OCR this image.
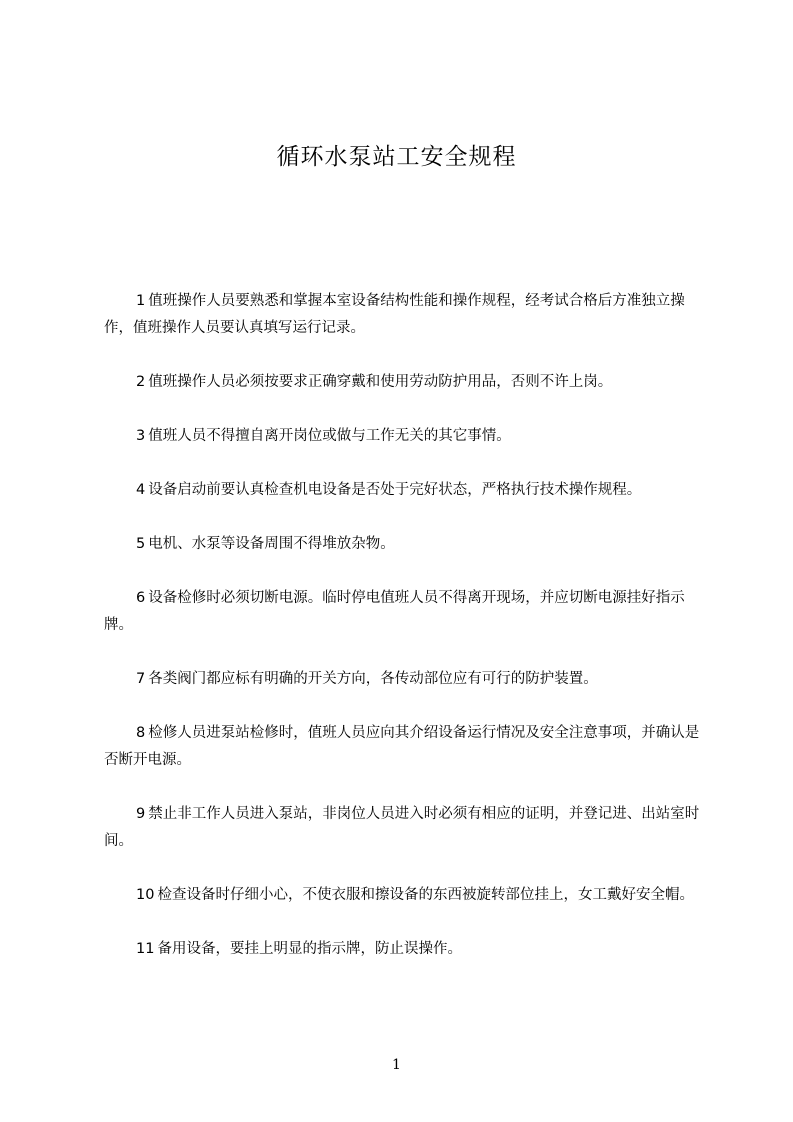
循环水泵站工安全规程
1 值班操作人员要熟悉和掌握本室设备结构性能和操作规程，经考试合格后方准独立操作，值班操作人员要认真填写运行记录。
2 值班操作人员必须按要求正确穿戴和使用劳动防护用品，否则不许上岗。
3 值班人员不得擅自离开岗位或做与工作无关的其它事情。
4 设备启动前要认真检查机电设备是否处于完好状态，严格执行技术操作规程。
5 电机、水泵等设备周围不得堆放杂物。
6 设备检修时必须切断电源。临时停电值班人员不得离开现场，并应切断电源挂好指示牌。
7 各类阀门都应标有明确的开关方向，各传动部位应有可行的防护装置。
8 检修人员进泵站检修时，值班人员应向其介绍设备运行情况及安全注意事项，并确认是否断开电源。
9 禁止非工作人员进入泵站，非岗位人员进入时必须有相应的证明，并登记进、出站室时间。
10 检查设备时仔细小心，不使衣服和擦设备的东西被旋转部位挂上，女工戴好安全帽。
11 备用设备，要挂上明显的指示牌，防止误操作。
1
